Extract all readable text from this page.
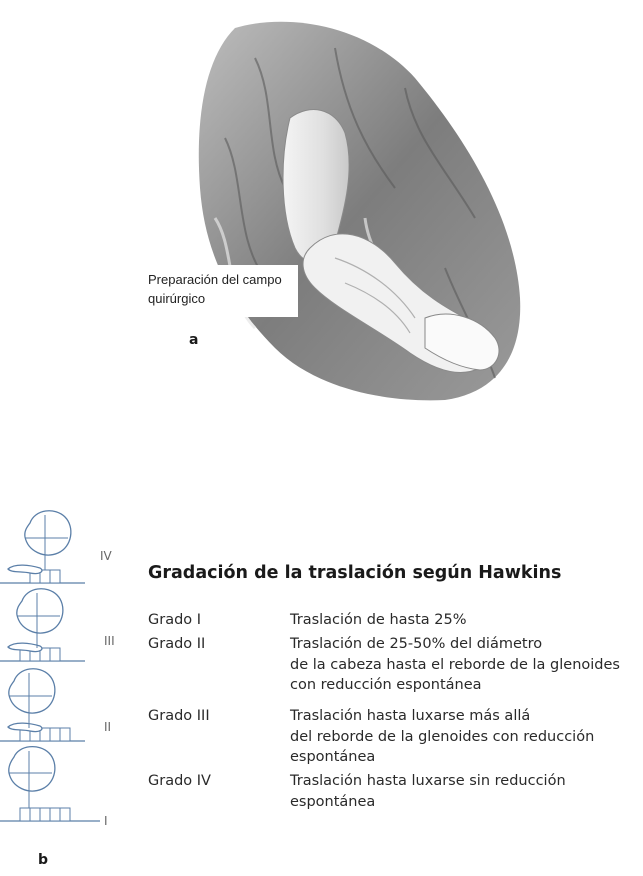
Preparación del campo quirúrgico
a
IV
III
II
I
Gradación de la traslación según Hawkins
Grado I	Traslación de hasta 25%
Grado II	Traslación de 25-50% del diámetro
de la cabeza hasta el reborde de la glenoides
con reducción espontánea
Grado III	Traslación hasta luxarse más allá
del reborde de la glenoides con reducción
espontánea
Grado IV	Traslación hasta luxarse sin reducción
espontánea
b
